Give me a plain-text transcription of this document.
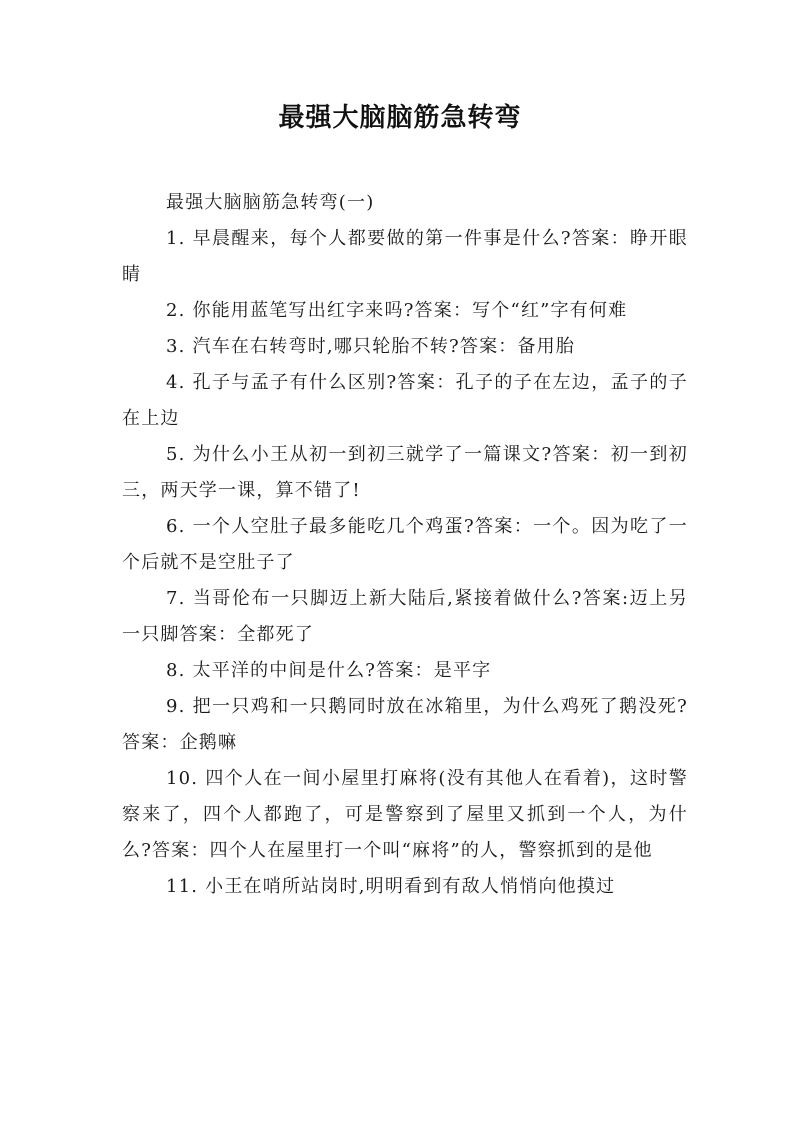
最强大脑脑筋急转弯

最强大脑脑筋急转弯(一)

1. 早晨醒来，每个人都要做的第一件事是什么?答案：睁开眼睛

2. 你能用蓝笔写出红字来吗?答案：写个“红”字有何难

3. 汽车在右转弯时,哪只轮胎不转?答案：备用胎

4. 孔子与孟子有什么区别?答案：孔子的子在左边，孟子的子在上边

5. 为什么小王从初一到初三就学了一篇课文?答案：初一到初三，两天学一课，算不错了!

6. 一个人空肚子最多能吃几个鸡蛋?答案：一个。因为吃了一个后就不是空肚子了

7. 当哥伦布一只脚迈上新大陆后,紧接着做什么?答案:迈上另一只脚答案：全都死了

8. 太平洋的中间是什么?答案：是平字

9. 把一只鸡和一只鹅同时放在冰箱里，为什么鸡死了鹅没死?答案：企鹅嘛

10. 四个人在一间小屋里打麻将(没有其他人在看着)，这时警察来了，四个人都跑了，可是警察到了屋里又抓到一个人，为什么?答案：四个人在屋里打一个叫“麻将”的人，警察抓到的是他

11. 小王在哨所站岗时,明明看到有敌人悄悄向他摸过
